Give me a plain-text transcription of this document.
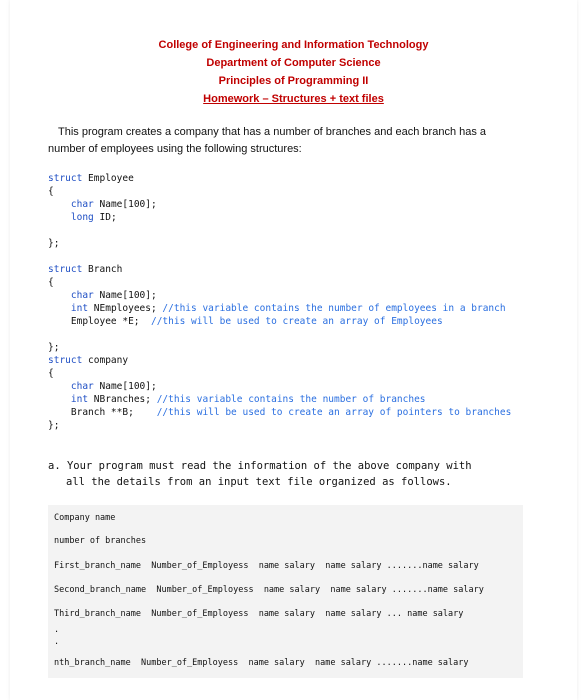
College of Engineering and Information Technology
Department of Computer Science
Principles of Programming II
Homework – Structures + text files
This program creates a company that has a number of branches and each branch has a
number of employees using the following structures:
struct Employee
{
char Name[100];
long ID;

};
struct Branch
{
char Name[100];
int NEmployees; //this variable contains the number of employees in a branch
Employee *E;  //this will be used to create an array of Employees

};
struct company
{
char Name[100];
int NBranches; //this variable contains the number of branches
Branch **B;    //this will be used to create an array of pointers to branches
};
a. Your program must read the information of the above company with
all the details from an input text file organized as follows.
Company name
number of branches
First_branch_name  Number_of_Employess  name salary  name salary .......name salary
Second_branch_name  Number_of_Employess  name salary  name salary .......name salary
Third_branch_name  Number_of_Employess  name salary  name salary ... name salary
.
.
nth_branch_name  Number_of_Employess  name salary  name salary .......name salary
